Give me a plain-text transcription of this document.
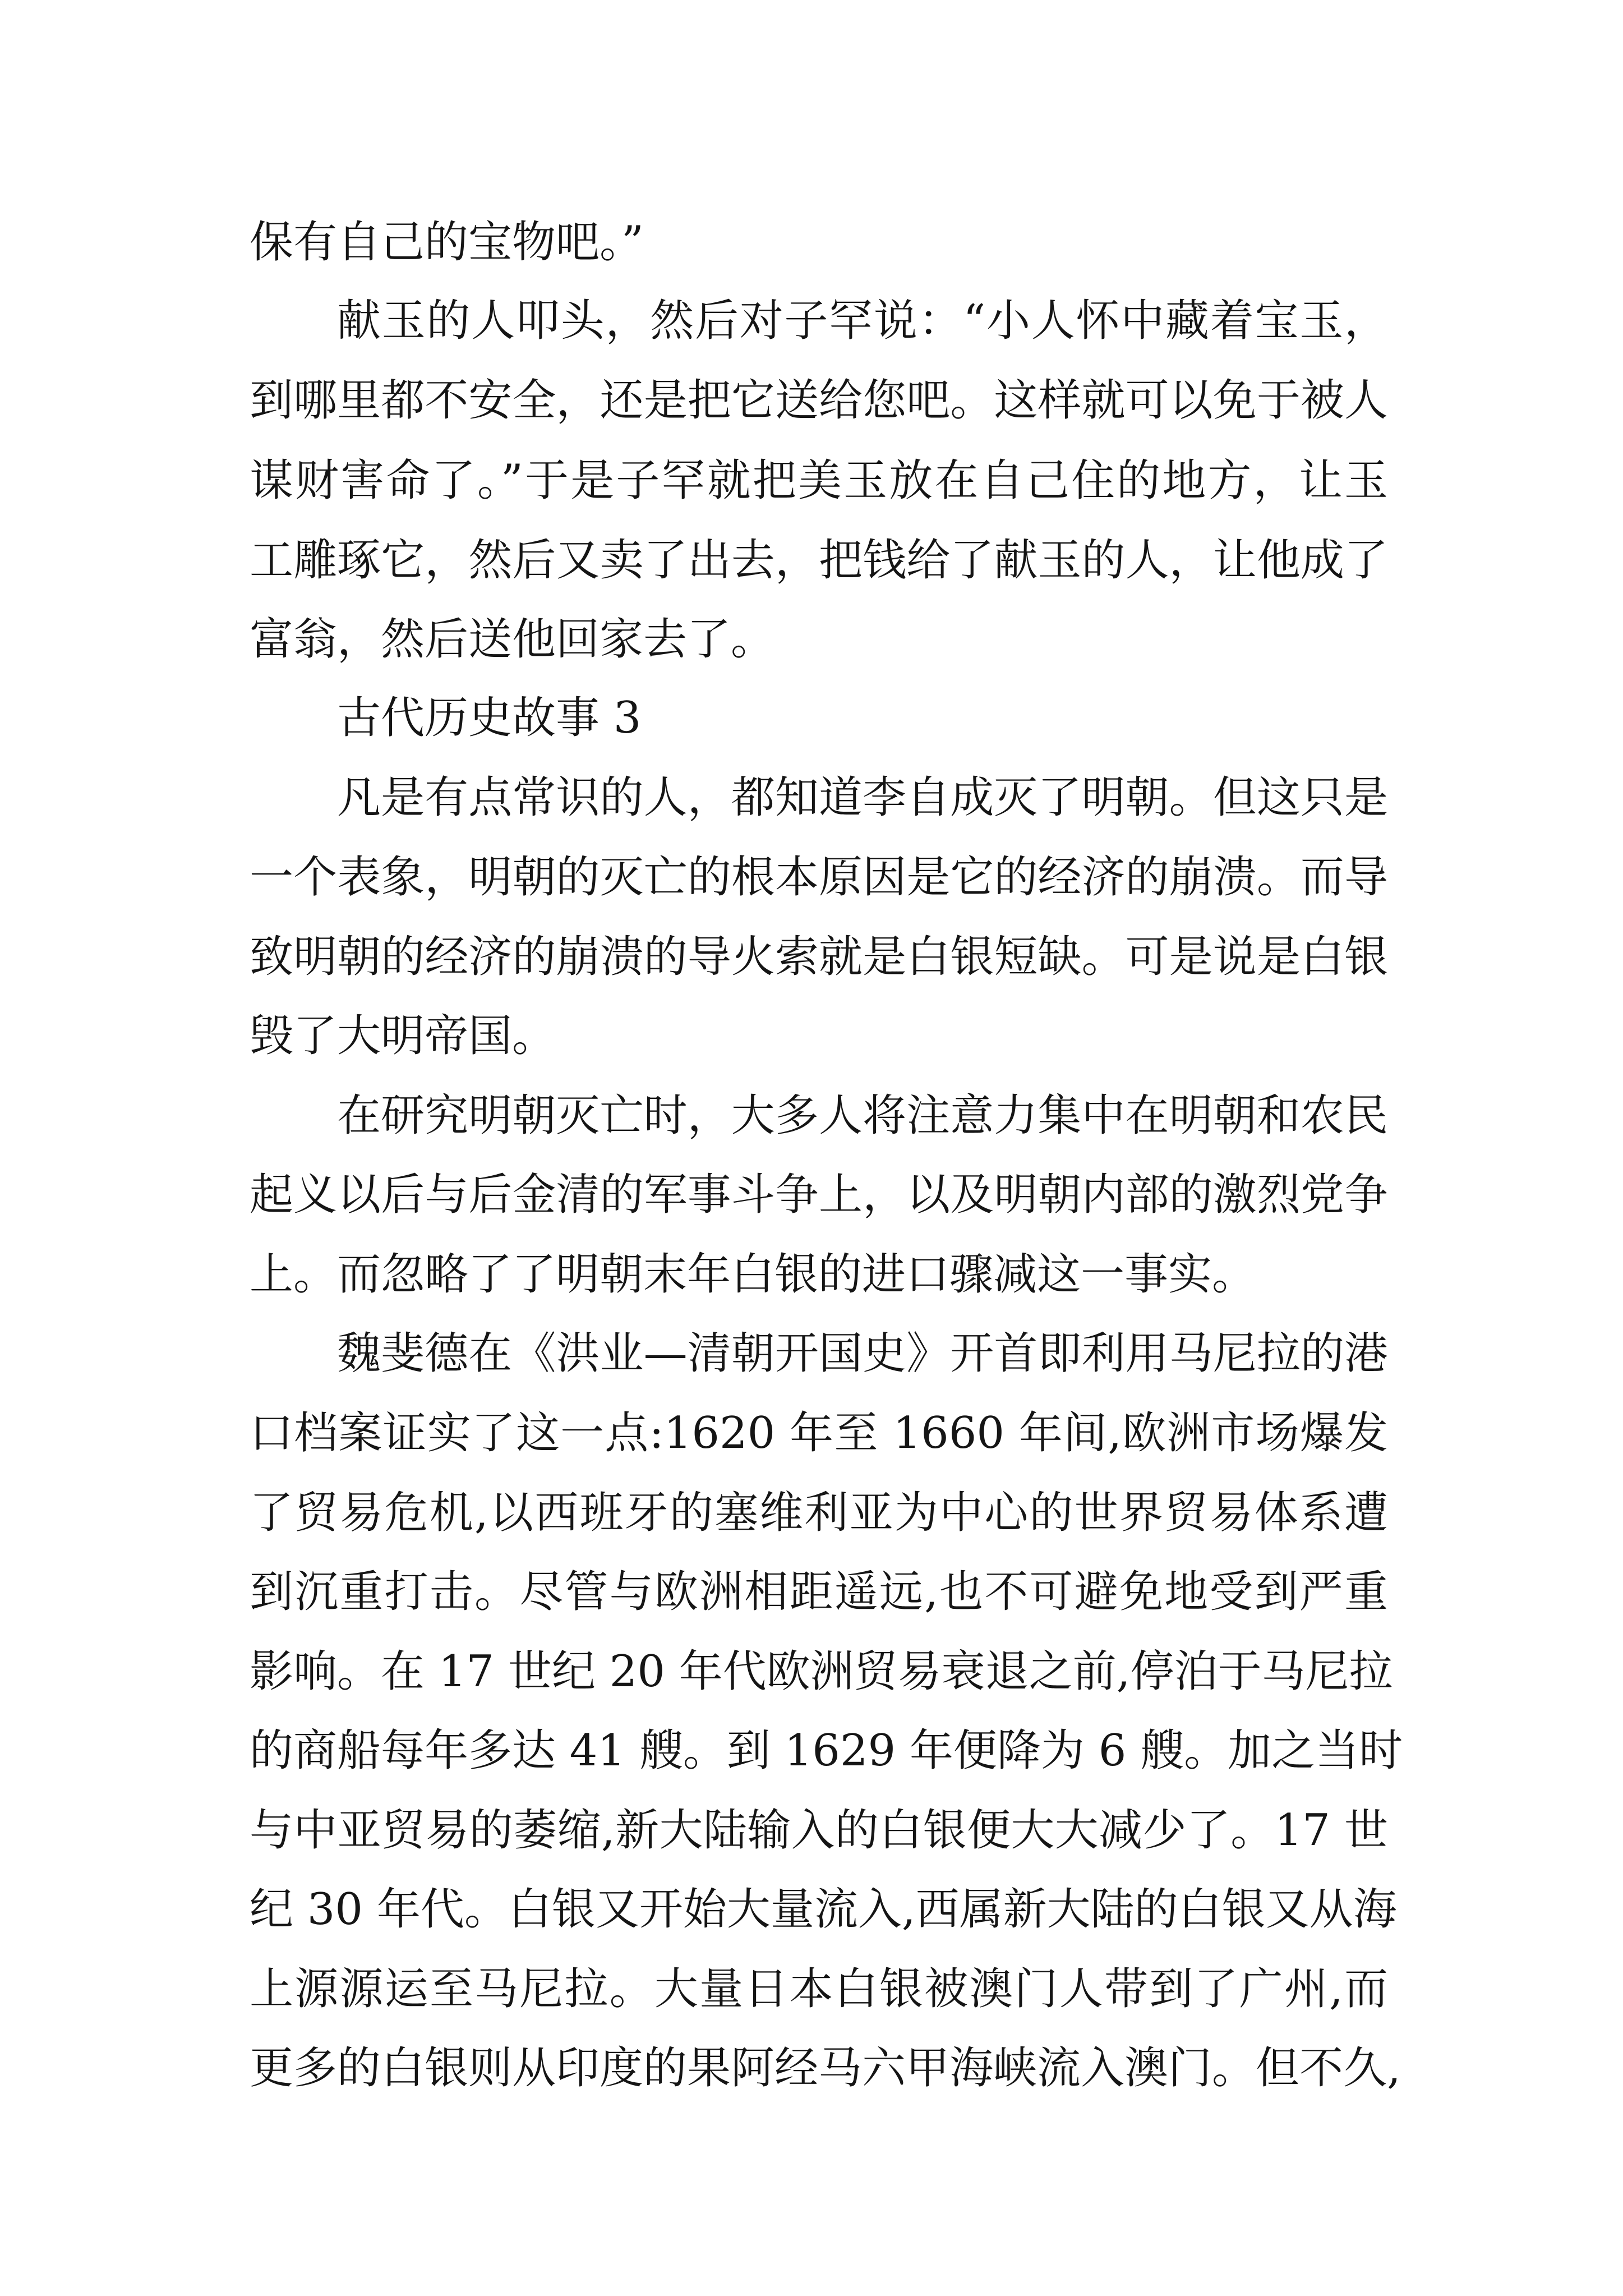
保有自己的宝物吧。”
献玉的人叩头，然后对子罕说：“小人怀中藏着宝玉，
到哪里都不安全，还是把它送给您吧。这样就可以免于被人
谋财害命了。”于是子罕就把美玉放在自己住的地方，让玉
工雕琢它，然后又卖了出去，把钱给了献玉的人，让他成了
富翁，然后送他回家去了。
古代历史故事 3
凡是有点常识的人，都知道李自成灭了明朝。但这只是
一个表象，明朝的灭亡的根本原因是它的经济的崩溃。而导
致明朝的经济的崩溃的导火索就是白银短缺。可是说是白银
毁了大明帝国。
在研究明朝灭亡时，大多人将注意力集中在明朝和农民
起义以后与后金清的军事斗争上，以及明朝内部的激烈党争
上。而忽略了了明朝末年白银的进口骤减这一事实。
魏斐德在《洪业—清朝开国史》开首即利用马尼拉的港
口档案证实了这一点:1620 年至 1660 年间,欧洲市场爆发
了贸易危机,以西班牙的塞维利亚为中心的世界贸易体系遭
到沉重打击。尽管与欧洲相距遥远,也不可避免地受到严重
影响。在 17 世纪 20 年代欧洲贸易衰退之前,停泊于马尼拉
的商船每年多达 41 艘。到 1629 年便降为 6 艘。加之当时
与中亚贸易的萎缩,新大陆输入的白银便大大减少了。17 世
纪 30 年代。白银又开始大量流入,西属新大陆的白银又从海
上源源运至马尼拉。大量日本白银被澳门人带到了广州,而
更多的白银则从印度的果阿经马六甲海峡流入澳门。但不久,
